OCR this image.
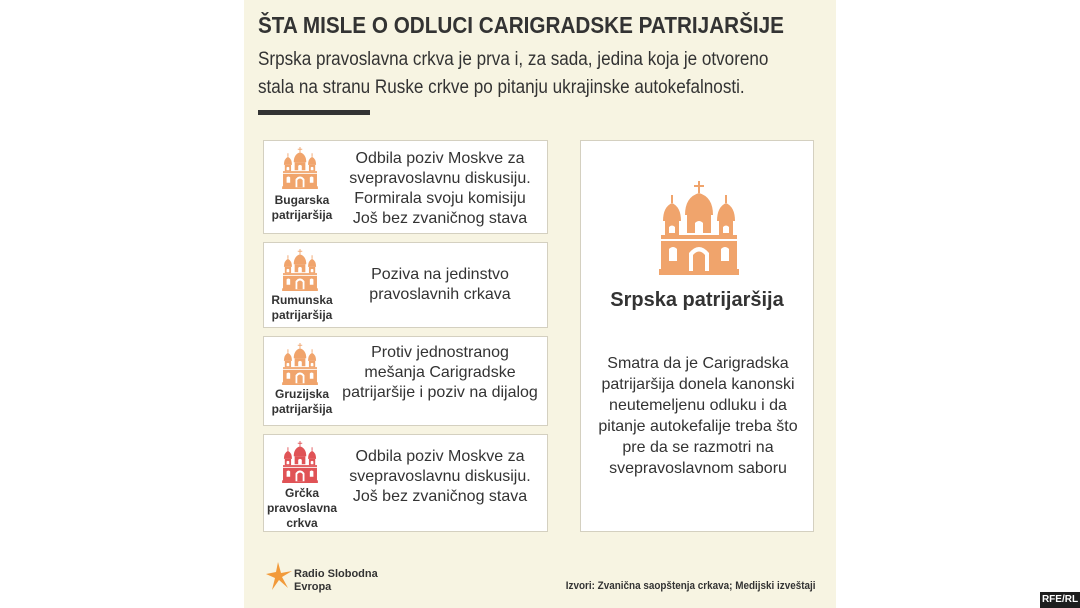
ŠTA MISLE O ODLUCI CARIGRADSKE PATRIJARŠIJE
Srpska pravoslavna crkva je prva i, za sada, jedina koja je otvoreno stala na stranu Ruske crkve po pitanju ukrajinske autokefalnosti.
Bugarska patrijaršija
Odbila poziv Moskve za svepravoslavnu diskusiju. Formirala svoju komisiju Još bez zvaničnog stava
Rumunska patrijaršija
Poziva na jedinstvo pravoslavnih crkava
Gruzijska patrijaršija
Protiv jednostranog mešanja Carigradske patrijaršije i poziv na dijalog
Grčka pravoslavna crkva
Odbila poziv Moskve za svepravoslavnu diskusiju. Još bez zvaničnog stava
Srpska patrijaršija
Smatra da je Carigradska patrijaršija donela kanonski neutemeljenu odluku i da pitanje autokefalije treba što pre da se razmotri na svepravoslavnom saboru
Radio Slobodna
Evropa	Izvori: Zvanična saopštenja crkava; Medijski izveštaji
RFE/RL
